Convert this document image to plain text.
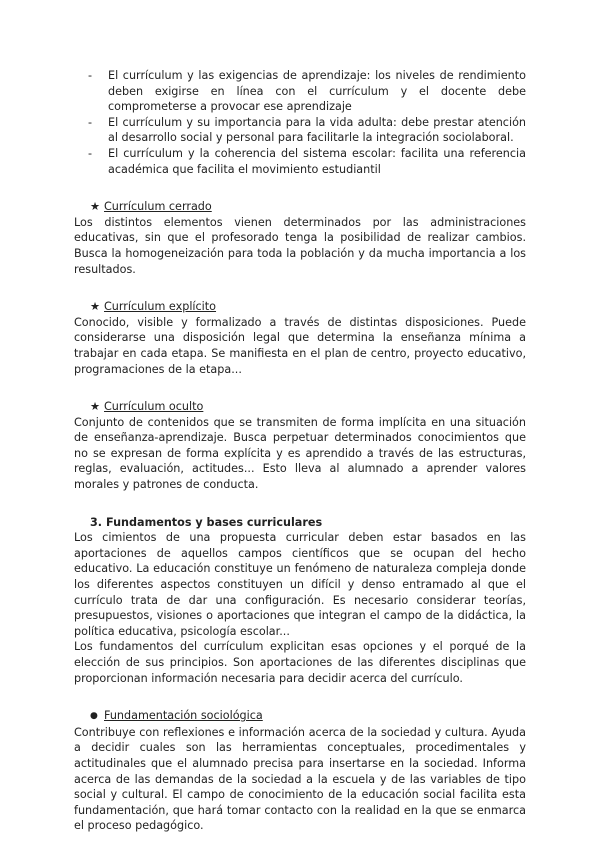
- El currículum y las exigencias de aprendizaje: los niveles de rendimiento deben exigirse en línea con el currículum y el docente debe comprometerse a provocar ese aprendizaje
- El currículum y su importancia para la vida adulta: debe prestar atención al desarrollo social y personal para facilitarle la integración sociolaboral.
- El currículum y la coherencia del sistema escolar: facilita una referencia académica que facilita el movimiento estudiantil
★ Currículum cerrado

Los distintos elementos vienen determinados por las administraciones educativas, sin que el profesorado tenga la posibilidad de realizar cambios. Busca la homogeneización para toda la población y da mucha importancia a los resultados.

★ Currículum explícito

Conocido, visible y formalizado a través de distintas disposiciones. Puede considerarse una disposición legal que determina la enseñanza mínima a trabajar en cada etapa. Se manifiesta en el plan de centro, proyecto educativo, programaciones de la etapa...

★ Currículum oculto

Conjunto de contenidos que se transmiten de forma implícita en una situación de enseñanza-aprendizaje. Busca perpetuar determinados conocimientos que no se expresan de forma explícita y es aprendido a través de las estructuras, reglas, evaluación, actitudes... Esto lleva al alumnado a aprender valores morales y patrones de conducta.

3. Fundamentos y bases curriculares

Los cimientos de una propuesta curricular deben estar basados en las aportaciones de aquellos campos científicos que se ocupan del hecho educativo. La educación constituye un fenómeno de naturaleza compleja donde los diferentes aspectos constituyen un difícil y denso entramado al que el currículo trata de dar una configuración. Es necesario considerar teorías, presupuestos, visiones o aportaciones que integran el campo de la didáctica, la política educativa, psicología escolar...

Los fundamentos del currículum explicitan esas opciones y el porqué de la elección de sus principios. Son aportaciones de las diferentes disciplinas que proporcionan información necesaria para decidir acerca del currículo.

● Fundamentación sociológica

Contribuye con reflexiones e información acerca de la sociedad y cultura. Ayuda a decidir cuales son las herramientas conceptuales, procedimentales y actitudinales que el alumnado precisa para insertarse en la sociedad. Informa acerca de las demandas de la sociedad a la escuela y de las variables de tipo social y cultural. El campo de conocimiento de la educación social facilita esta fundamentación, que hará tomar contacto con la realidad en la que se enmarca el proceso pedagógico.
